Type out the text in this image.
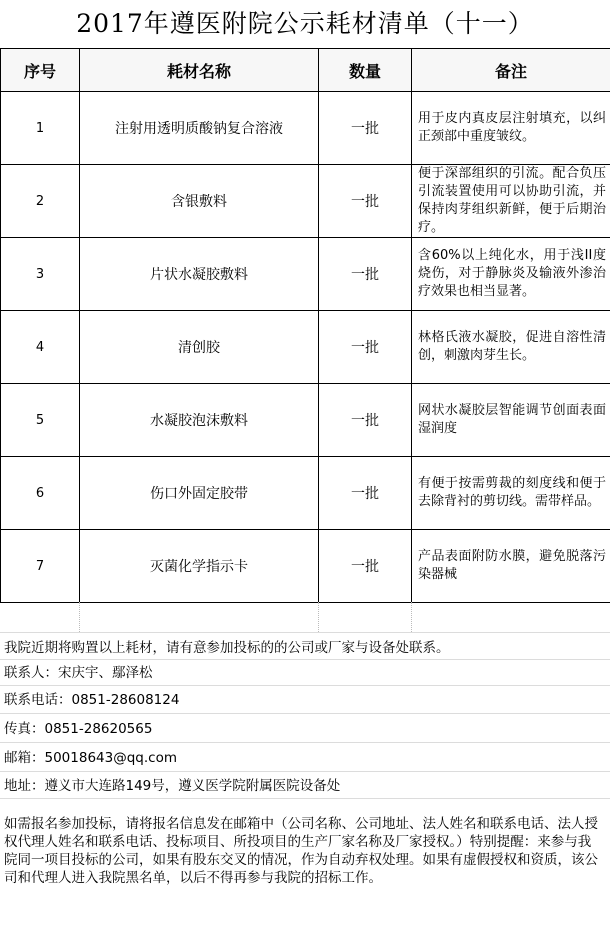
2017年遵医附院公示耗材清单（十一）
序号	耗材名称	数量	备注
1	注射用透明质酸钠复合溶液	一批	用于皮内真皮层注射填充，以纠正颈部中重度皱纹。
2	含银敷料	一批	便于深部组织的引流。配合负压引流装置使用可以协助引流，并保持肉芽组织新鲜，便于后期治疗。
3	片状水凝胶敷料	一批	含60%以上纯化水，用于浅II度烧伤，对于静脉炎及输液外渗治疗效果也相当显著。
4	清创胶	一批	林格氏液水凝胶，促进自溶性清创，刺激肉芽生长。
5	水凝胶泡沫敷料	一批	网状水凝胶层智能调节创面表面湿润度
6	伤口外固定胶带	一批	有便于按需剪裁的刻度线和便于去除背衬的剪切线。需带样品。
7	灭菌化学指示卡	一批	产品表面附防水膜，避免脱落污染器械
我院近期将购置以上耗材，请有意参加投标的的公司或厂家与设备处联系。
联系人：宋庆宇、鄢泽松
联系电话：0851-28608124
传真：0851-28620565
邮箱：50018643@qq.com
地址：遵义市大连路149号，遵义医学院附属医院设备处
如需报名参加投标，请将报名信息发在邮箱中（公司名称、公司地址、法人姓名和联系电话、法人授权代理人姓名和联系电话、投标项目、所投项目的生产厂家名称及厂家授权。）特别提醒：来参与我院同一项目投标的公司，如果有股东交叉的情况，作为自动弃权处理。如果有虚假授权和资质，该公司和代理人进入我院黑名单，以后不得再参与我院的招标工作。
